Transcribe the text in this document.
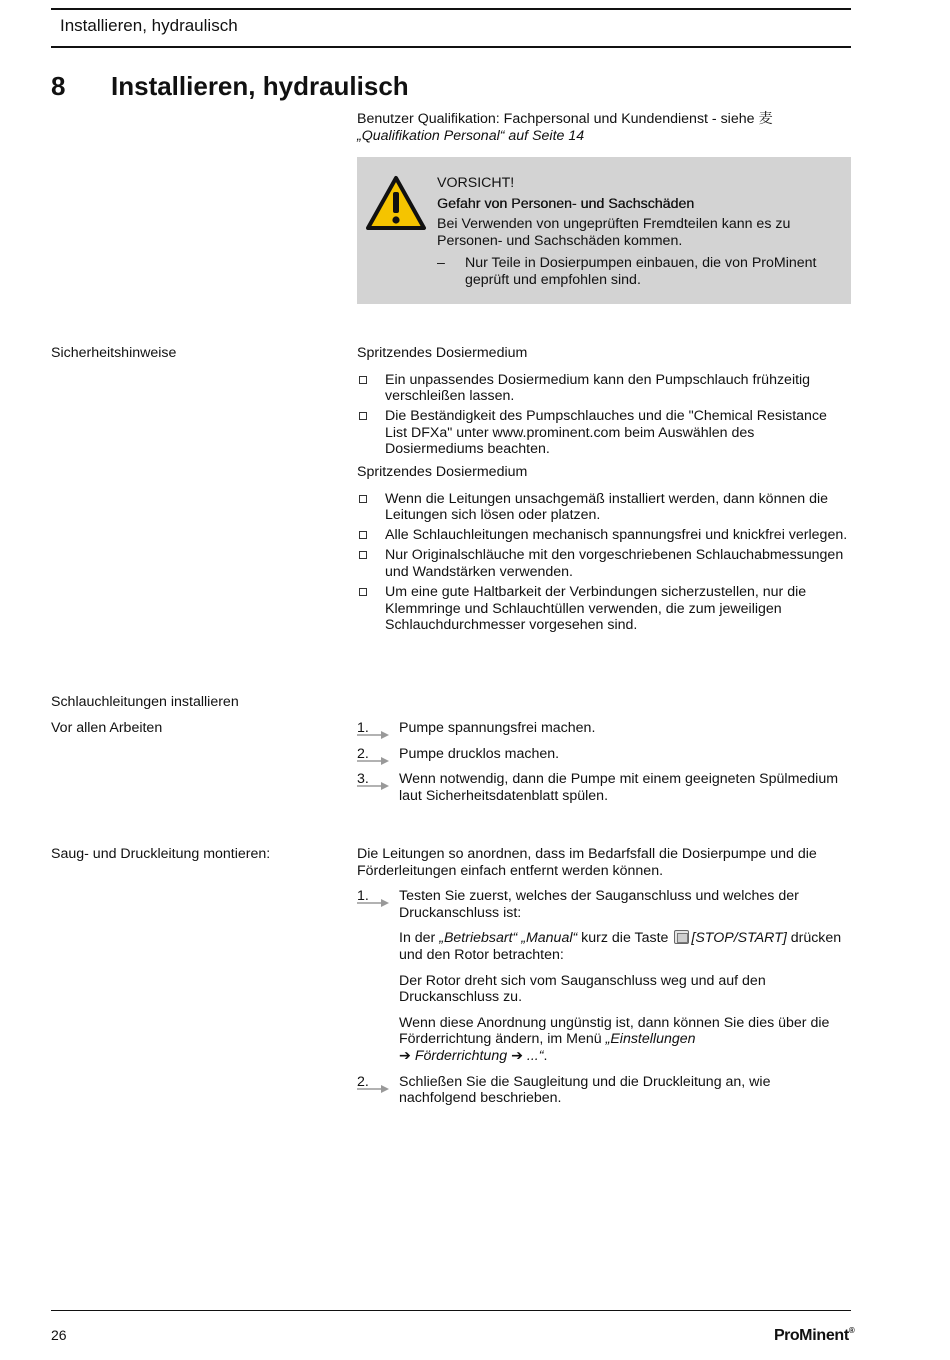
Installieren, hydraulisch
8 Installieren, hydraulisch
Benutzer Qualifikation: Fachpersonal und Kundendienst - siehe ⻨ „Qualifikation Personal“ auf Seite 14
VORSICHT!
Gefahr von Personen- und Sachschäden
Bei Verwenden von ungeprüften Fremdteilen kann es zu Personen- und Sachschäden kommen.
– Nur Teile in Dosierpumpen einbauen, die von ProMinent geprüft und empfohlen sind.
Sicherheitshinweise	Spritzendes Dosiermedium
Ein unpassendes Dosiermedium kann den Pumpschlauch frühzeitig verschleißen lassen.
Die Beständigkeit des Pumpschlauches und die "Chemical Resistance List DFXa" unter www.prominent.com beim Auswählen des Dosiermediums beachten.
Spritzendes Dosiermedium
Wenn die Leitungen unsachgemäß installiert werden, dann können die Leitungen sich lösen oder platzen.
Alle Schlauchleitungen mechanisch spannungsfrei und knickfrei verlegen.
Nur Originalschläuche mit den vorgeschriebenen Schlauchabmessungen und Wandstärken verwenden.
Um eine gute Haltbarkeit der Verbindungen sicherzustellen, nur die Klemmringe und Schlauchtüllen verwenden, die zum jeweiligen Schlauchdurchmesser vorgesehen sind.
Schlauchleitungen installieren
Vor allen Arbeiten	1.	Pumpe spannungsfrei machen.

2.	Pumpe drucklos machen.

3.	Wenn notwendig, dann die Pumpe mit einem geeigneten Spülmedium laut Sicherheitsdatenblatt spülen.

Saug- und Druckleitung montieren:	Die Leitungen so anordnen, dass im Bedarfsfall die Dosierpumpe und die Förderleitungen einfach entfernt werden können.

1.	Testen Sie zuerst, welches der Sauganschluss und welches der Druckanschluss ist:

In der „Betriebsart“ „Manual“ kurz die Taste [STOP/START] drücken und den Rotor betrachten:

Der Rotor dreht sich vom Sauganschluss weg und auf den Druckanschluss zu.

Wenn diese Anordnung ungünstig ist, dann können Sie dies über die Förderrichtung ändern, im Menü „Einstellungen
➔ Förderrichtung ➔ ...“.

2.	Schließen Sie die Saugleitung und die Druckleitung an, wie nachfolgend beschrieben.

26	ProMinent®
